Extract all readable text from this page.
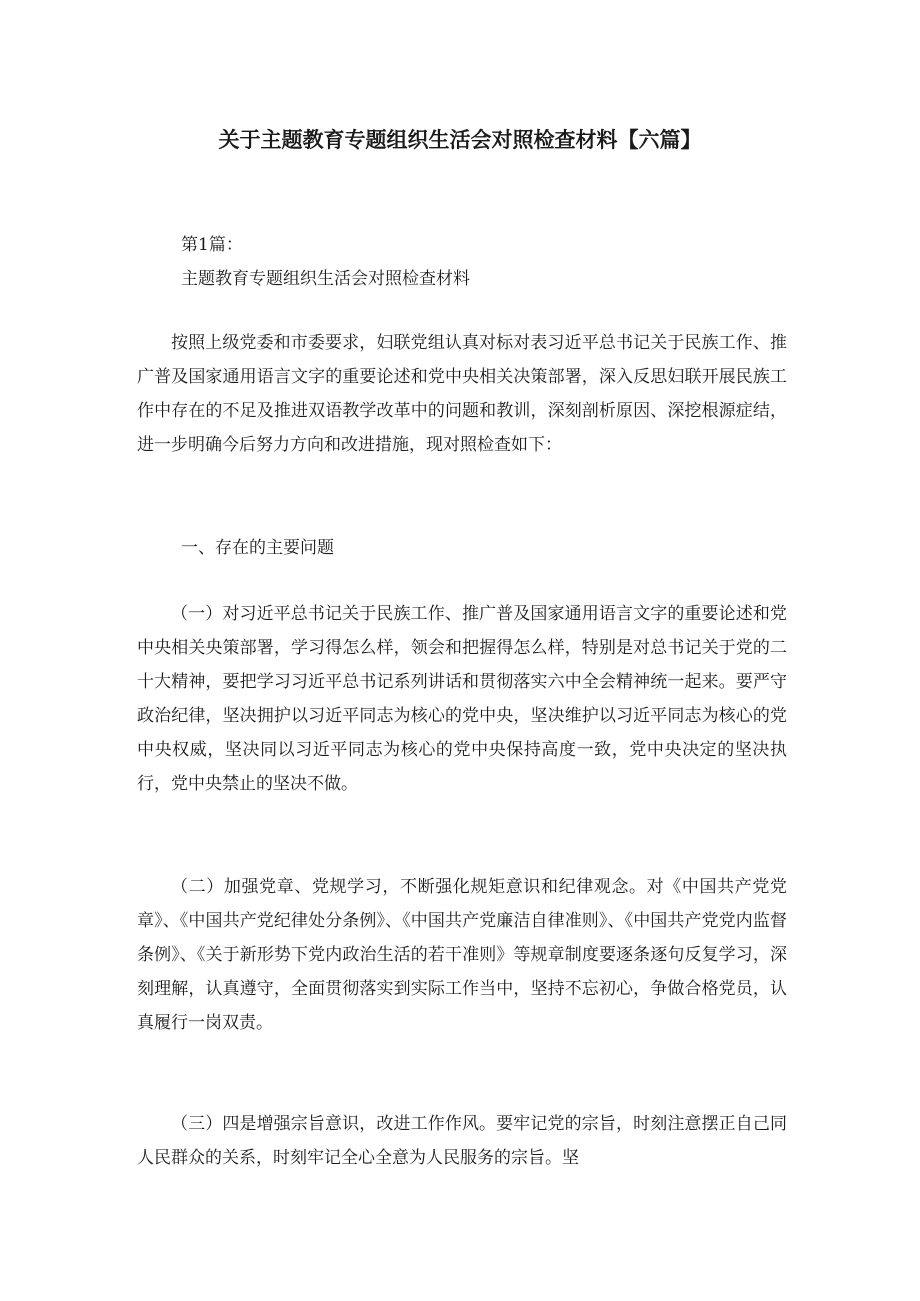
关于主题教育专题组织生活会对照检查材料【六篇】

第1篇：

主题教育专题组织生活会对照检查材料

按照上级党委和市委要求，妇联党组认真对标对表习近平总书记关于民族工作、推广普及国家通用语言文字的重要论述和党中央相关决策部署，深入反思妇联开展民族工作中存在的不足及推进双语教学改革中的问题和教训，深刻剖析原因、深挖根源症结，进一步明确今后努力方向和改进措施，现对照检查如下：

一、存在的主要问题

（一）对习近平总书记关于民族工作、推广普及国家通用语言文字的重要论述和党中央相关央策部署，学习得怎么样，领会和把握得怎么样，特别是对总书记关于党的二十大精神，要把学习习近平总书记系列讲话和贯彻落实六中全会精神统一起来。要严守政治纪律，坚决拥护以习近平同志为核心的党中央，坚决维护以习近平同志为核心的党中央权威，坚决同以习近平同志为核心的党中央保持高度一致，党中央决定的坚决执行，党中央禁止的坚决不做。

（二）加强党章、党规学习，不断强化规矩意识和纪律观念。对《中国共产党党章》、《中国共产党纪律处分条例》、《中国共产党廉洁自律准则》、《中国共产党党内监督条例》、《关于新形势下党内政治生活的若干准则》等规章制度要逐条逐句反复学习，深刻理解，认真遵守，全面贯彻落实到实际工作当中，坚持不忘初心，争做合格党员，认真履行一岗双责。

（三）四是增强宗旨意识，改进工作作风。要牢记党的宗旨，时刻注意摆正自己同人民群众的关系，时刻牢记全心全意为人民服务的宗旨。坚
